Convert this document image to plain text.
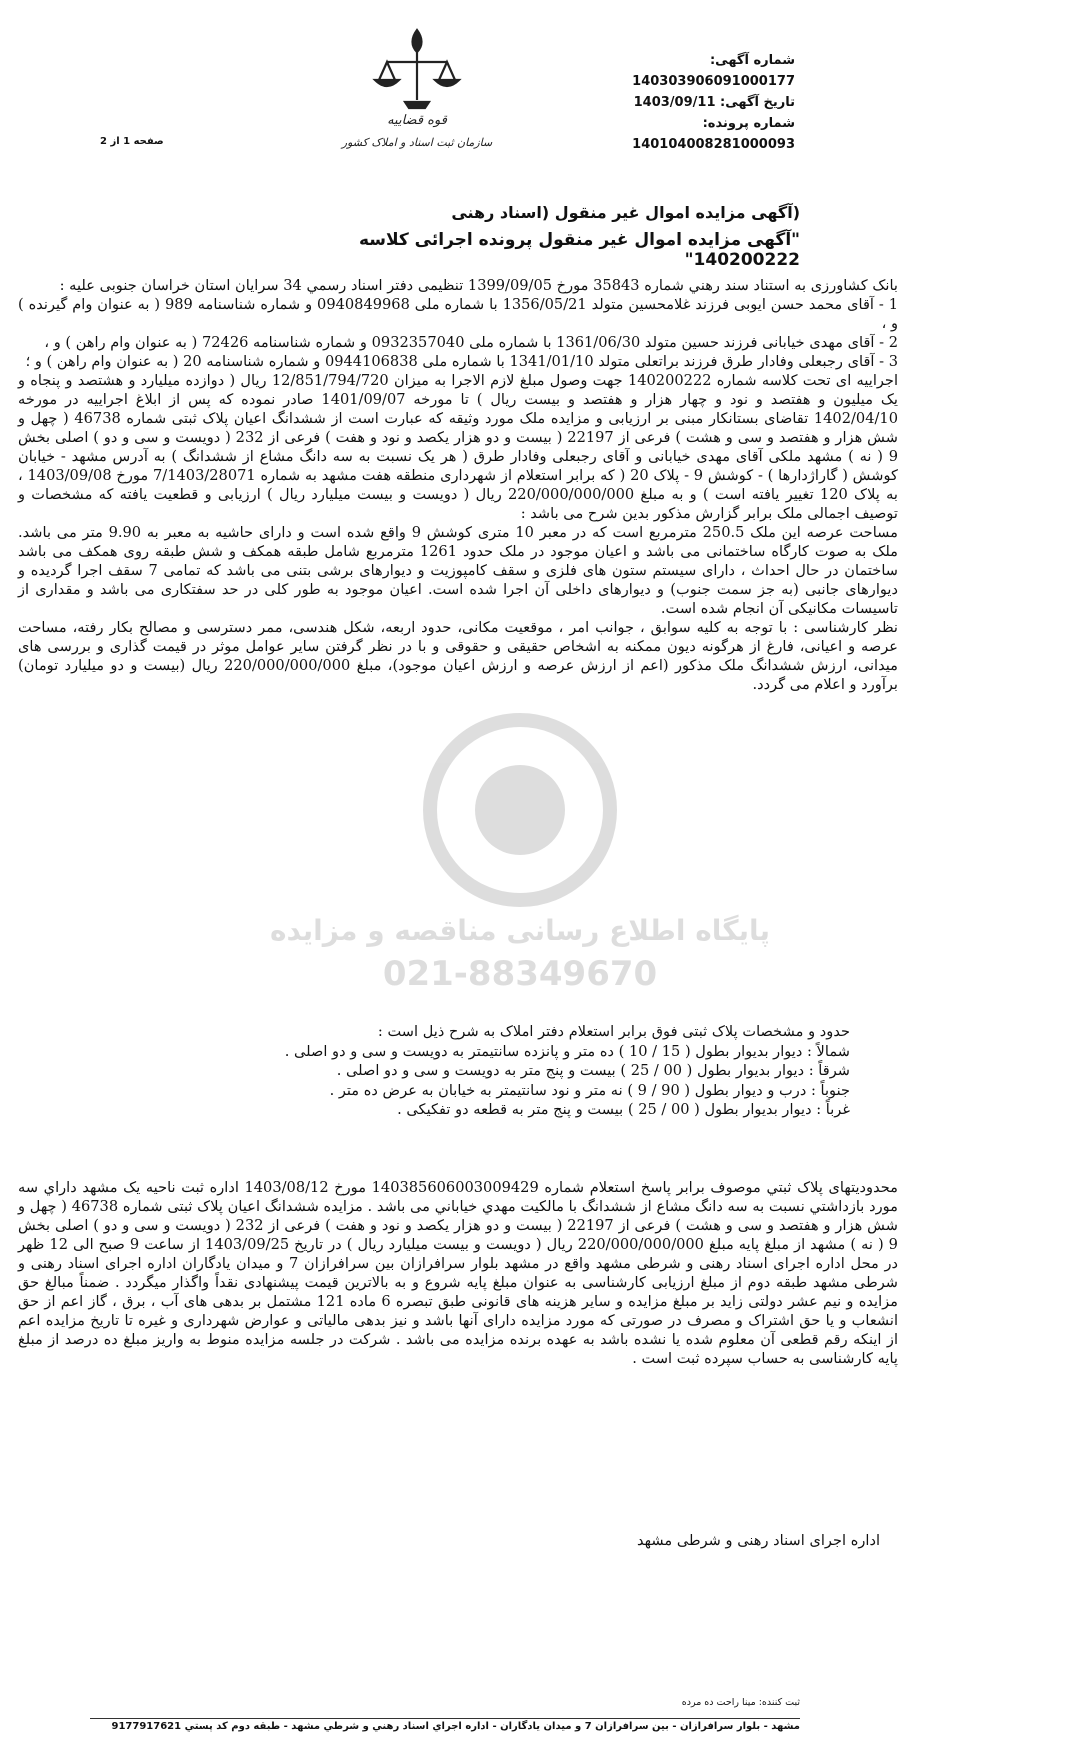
قوه قضاییه
سازمان ثبت اسناد و املاک کشور
شماره آگهی: 140303906091000177
تاریخ آگهی: 1403/09/11
شماره پرونده: 140104008281000093
صفحه 1 از 2
(آگهی مزایده اموال غیر منقول (اسناد رهنی
"آگهی مزایده اموال غیر منقول پرونده اجرائی کلاسه 140200222"
پایگاه اطلاع رسانی مناقصه و مزایده
021-88349670

بانک کشاورزی به استناد سند رهني شماره 35843 مورخ 1399/09/05 تنظیمی دفتر اسناد رسمي 34 سرایان استان خراسان جنوبی علیه :

1 - آقای محمد حسن ایوبی فرزند غلامحسین متولد 1356/05/21 با شماره ملی 0940849968 و شماره شناسنامه 989 ( به عنوان وام گیرنده ) و ،

2 - آقای مهدی خیابانی فرزند حسین متولد 1361/06/30 با شماره ملی 0932357040 و شماره شناسنامه 72426 ( به عنوان وام راهن ) و ،

3 - آقای رجبعلی وفادار طرق فرزند براتعلی متولد 1341/01/10 با شماره ملی 0944106838 و شماره شناسنامه 20 ( به عنوان وام راهن ) و ؛

اجراییه ای تحت کلاسه شماره 140200222 جهت وصول مبلغ لازم الاجرا به میزان 12/851/794/720 ریال ( دوازده میلیارد و هشتصد و پنجاه و یک میلیون و هفتصد و نود و چهار هزار و هفتصد و بیست ریال ) تا مورخه 1401/09/07 صادر نموده که پس از ابلاغ اجراییه در مورخه 1402/04/10 تقاضای بستانکار مبنی بر ارزیابی و مزایده ملک مورد وثیقه که عبارت است از ششدانگ اعیان پلاک ثبتی شماره 46738 ( چهل و شش هزار و هفتصد و سی و هشت ) فرعی از 22197 ( بیست و دو هزار یکصد و نود و هفت ) فرعی از 232 ( دویست و سی و دو ) اصلی بخش 9 ( نه ) مشهد ملکی آقای مهدی خیابانی و آقای رجبعلی وفادار طرق ( هر یک نسبت به سه دانگ مشاع از ششدانگ ) به آدرس مشهد - خیابان کوشش ( گاراژدارها ) - کوشش 9 - پلاک 20 ( که برابر استعلام از شهرداری منطقه هفت مشهد به شماره 7/1403/28071 مورخ 1403/09/08 ، به پلاک 120 تغییر یافته است ) و به مبلغ 220/000/000/000 ریال ( دویست و بیست میلیارد ریال ) ارزیابی و قطعیت یافته که مشخصات و توصیف اجمالی ملک برابر گزارش مذکور بدین شرح می باشد :

مساحت عرصه این ملک 250.5 مترمربع است که در معبر 10 متری کوشش 9 واقع شده است و دارای حاشیه به معبر به 9.90 متر می باشد. ملک به صوت کارگاه ساختمانی می باشد و اعیان موجود در ملک حدود 1261 مترمربع شامل طبقه همکف و شش طبقه روی همکف می باشد ساختمان در حال احداث ، دارای سیستم ستون های فلزی و سقف کامپوزیت و دیوارهای برشی بتنی می باشد که تمامی 7 سقف اجرا گردیده و دیوارهای جانبی (به جز سمت جنوب) و دیوارهای داخلی آن اجرا شده است. اعیان موجود به طور کلی در حد سفتکاری می باشد و مقداری از تاسیسات مکانیکی آن انجام شده است.

نظر کارشناسی : با توجه به کلیه سوابق ، جوانب امر ، موقعیت مکانی، حدود اربعه، شکل هندسی، ممر دسترسی و مصالح بکار رفته، مساحت عرصه و اعیانی، فارغ از هرگونه دیون ممکنه به اشخاص حقیقی و حقوقی و با در نظر گرفتن سایر عوامل موثر در قیمت گذاری و بررسی های میدانی، ارزش ششدانگ ملک مذکور (اعم از ارزش عرصه و ارزش اعیان موجود)، مبلغ 220/000/000/000 ریال (بیست و دو میلیارد تومان) برآورد و اعلام می گردد.

حدود و مشخصات پلاک ثبتی فوق برابر استعلام دفتر املاک به شرح ذیل است :

شمالاً : دیوار بدیوار بطول ( 15 / 10 ) ده متر و پانزده سانتیمتر به دویست و سی و دو اصلی .

شرقاً : دیوار بدیوار بطول ( 00 / 25 ) بیست و پنج متر به دویست و سی و دو اصلی .

جنوباً : درب و دیوار بطول ( 90 / 9 ) نه متر و نود سانتیمتر به خیابان به عرض ده متر .

غرباً : دیوار بدیوار بطول ( 00 / 25 ) بیست و پنج متر به قطعه دو تفکیکی .

محدودیتهای پلاک ثبتي موصوف برابر پاسخ استعلام شماره 140385606003009429 مورخ 1403/08/12 اداره ثبت ناحیه یک مشهد داراي سه مورد بازداشتي نسبت به سه دانگ مشاع از ششدانگ با مالکیت مهدي خیاباني می باشد . مزایده ششدانگ اعیان پلاک ثبتی شماره 46738 ( چهل و شش هزار و هفتصد و سی و هشت ) فرعی از 22197 ( بیست و دو هزار یکصد و نود و هفت ) فرعی از 232 ( دویست و سی و دو ) اصلی بخش 9 ( نه ) مشهد از مبلغ پایه مبلغ 220/000/000/000 ریال ( دویست و بیست میلیارد ریال ) در تاریخ 1403/09/25 از ساعت 9 صبح الی 12 ظهر در محل اداره اجرای اسناد رهنی و شرطی مشهد واقع در مشهد بلوار سرافرازان بین سرافرازان 7 و میدان یادگاران اداره اجرای اسناد رهنی و شرطی مشهد طبقه دوم از مبلغ ارزیابی کارشناسی به عنوان مبلغ پایه شروع و به بالاترین قیمت پیشنهادی نقداً واگذار میگردد . ضمناً مبالغ حق مزایده و نیم عشر دولتی زاید بر مبلغ مزایده و سایر هزینه های قانونی طبق تبصره 6 ماده 121 مشتمل بر بدهی های آب ، برق ، گاز اعم از حق انشعاب و یا حق اشتراک و مصرف در صورتی که مورد مزایده دارای آنها باشد و نیز بدهی مالیاتی و عوارض شهرداری و غیره تا تاریخ مزایده اعم از اینکه رقم قطعی آن معلوم شده یا نشده باشد به عهده برنده مزایده می باشد . شرکت در جلسه مزایده منوط به واریز مبلغ ده درصد از مبلغ پایه کارشناسی به حساب سپرده ثبت است .
اداره اجرای اسناد رهنی و شرطی مشهد
ثبت کننده: مینا راحت ده مرده
مشهد - بلوار سرافرازان - بین سرافرازان 7 و میدان یادگاران - اداره اجراي اسناد رهني و شرطي مشهد - طبقه دوم کد پستي 9177917621
